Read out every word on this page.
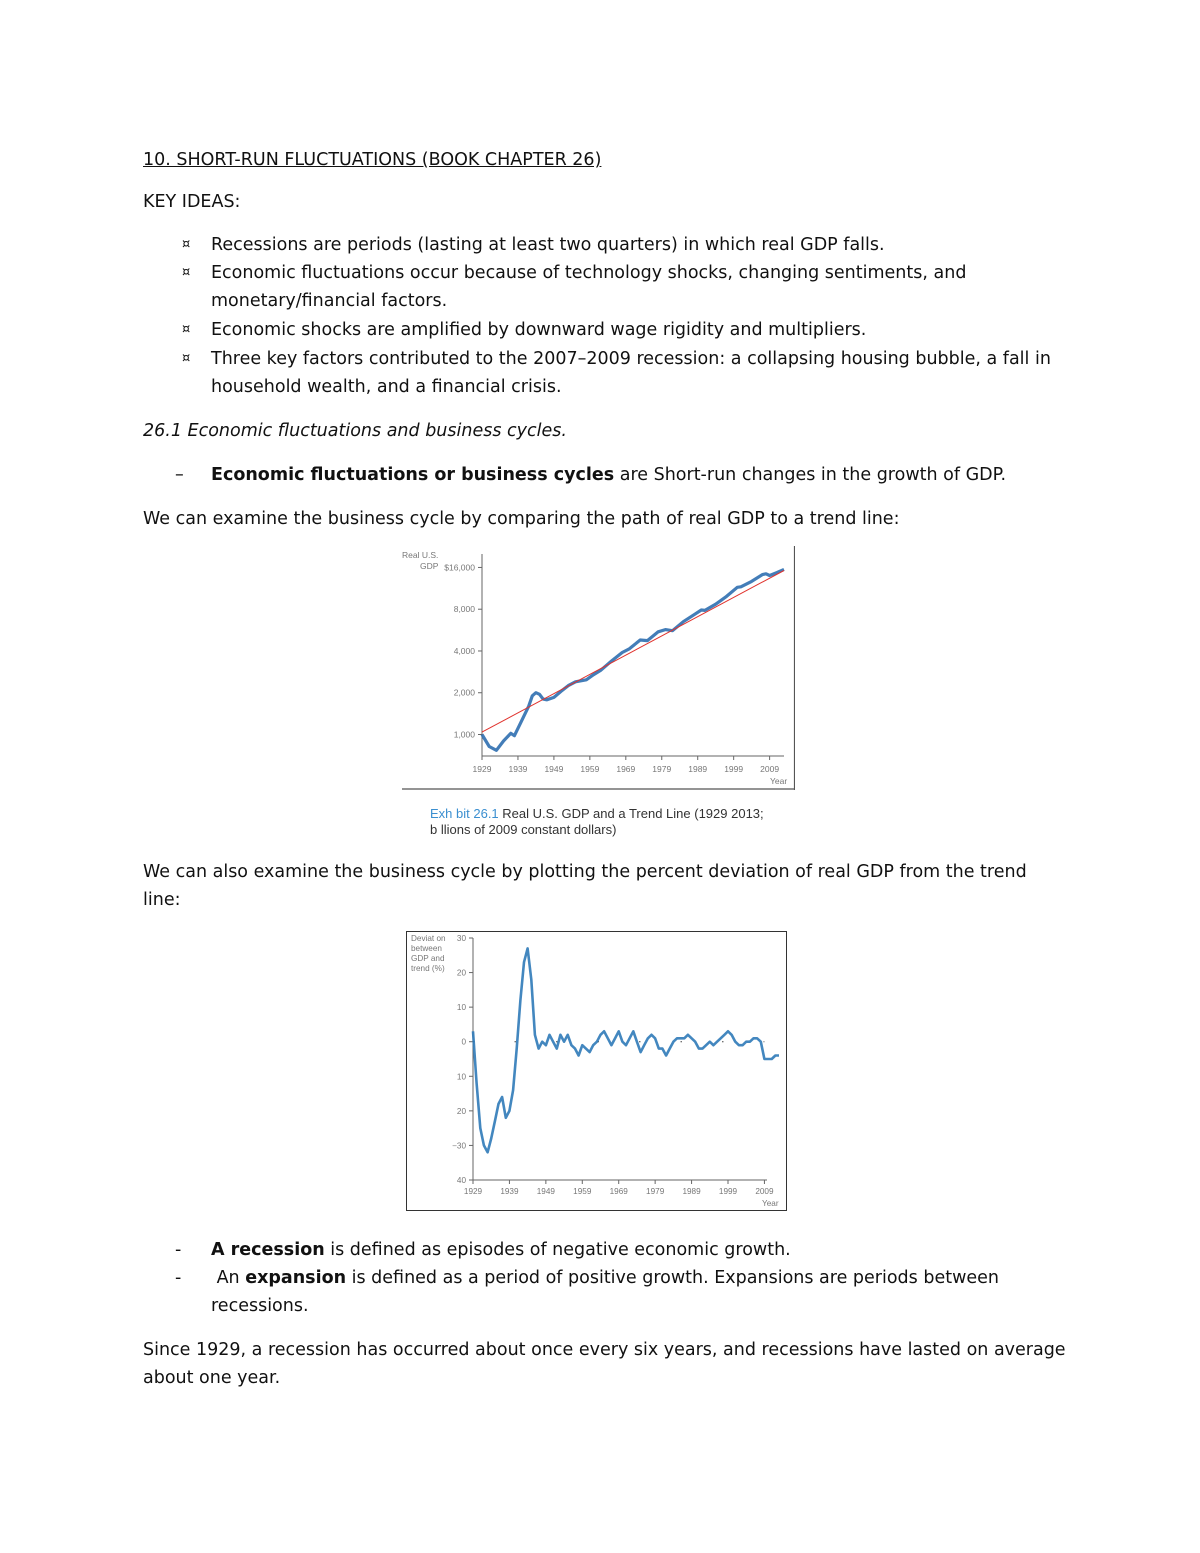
10. SHORT-RUN FLUCTUATIONS (BOOK CHAPTER 26)
KEY IDEAS:
¤ Recessions are periods (lasting at least two quarters) in which real GDP falls.
¤ Economic fluctuations occur because of technology shocks, changing sentiments, and
monetary/financial factors.
¤ Economic shocks are amplified by downward wage rigidity and multipliers.
¤ Three key factors contributed to the 2007–2009 recession: a collapsing housing bubble, a fall in
household wealth, and a financial crisis.
26.1 Economic fluctuations and business cycles.
– Economic fluctuations or business cycles are Short-run changes in the growth of GDP.
We can examine the business cycle by comparing the path of real GDP to a trend line:
Real U.S.
GDP
Year
1,000
2,000
4,000
8,000
$16,000
1929 1939 1949 1959 1969 1979 1989 1999 2009
Exh bit 26.1 Real U.S. GDP and a Trend Line (1929 2013;
b llions of 2009 constant dollars)
We can also examine the business cycle by plotting the percent deviation of real GDP from the trend
line:
Deviat on
between
GDP and
trend (%)
Year
30
20
10
0
10
20
−30
40
1929 1939 1949 1959 1969 1979 1989 1999 2009
- A recession is defined as episodes of negative economic growth.
- An expansion is defined as a period of positive growth. Expansions are periods between
recessions.
Since 1929, a recession has occurred about once every six years, and recessions have lasted on average
about one year.
